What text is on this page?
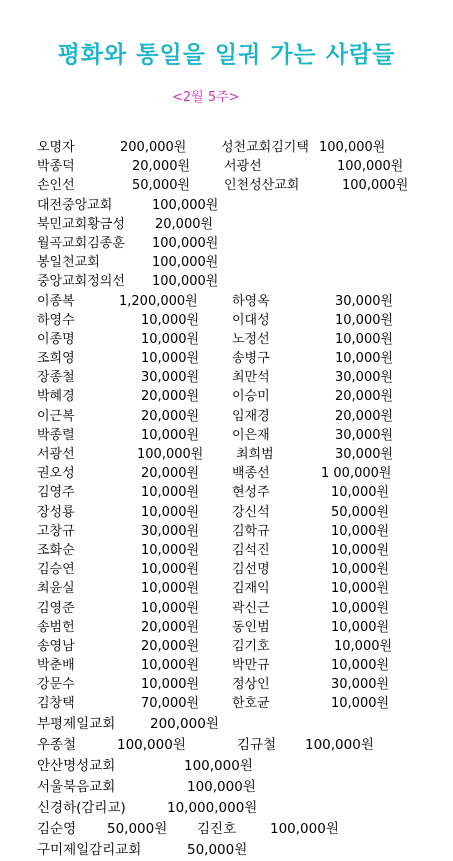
평화와 통일을 일궈 가는 사람들
<2월 5주>
오명자	200,000원	성천교회김기택 100,000원
박종덕	20,000원	서광선	100,000원
손인선	50,000원	인천성산교회	100,000원
대전중앙교회	100,000원
북민교회황금성 20,000원
월곡교회김종훈 100,000원
봉일천교회	100,000원
중앙교회정의선 100,000원
이종복	1,200,000원	하영옥	30,000원
하영수	10,000원	이대성	10,000원
이종명	10,000원	노정선	10,000원
조희영	10,000원	송병구	10,000원
장종철	30,000원	최만석	30,000원
박혜경	20,000원	이승미	20,000원
이근복	20,000원	임재경	20,000원
박종렬	10,000원	이은재	30,000원
서광선	100,000원	최희범	30,000원
권오성	20,000원	백종선	1 00,000원
김영주	10,000원	현성주	10,000원
장성룡	10,000원	강신석	50,000원
고창규	30,000원	김학규	10,000원
조화순	10,000원	김석진	10,000원
김승연	10,000원	김선명	10,000원
최윤실	10,000원	김재익	10,000원
김영준	10,000원	곽신근	10,000원
송범헌	20,000원	동인범	10,000원
송영남	20,000원	김기호	10,000원
박춘배	10,000원	박만규	10,000원
강문수	10,000원	정상인	30,000원
김창택	70,000원	한호균	10,000원
부평제일교회	200,000원
우종철	100,000원	김규철 100,000원
안산명성교회	100,000원
서울북음교회	100,000원
신경하(감리교)	10,000,000원
김순영 50,000원 김진호	100,000원
구미제일감리교회	50,000원
